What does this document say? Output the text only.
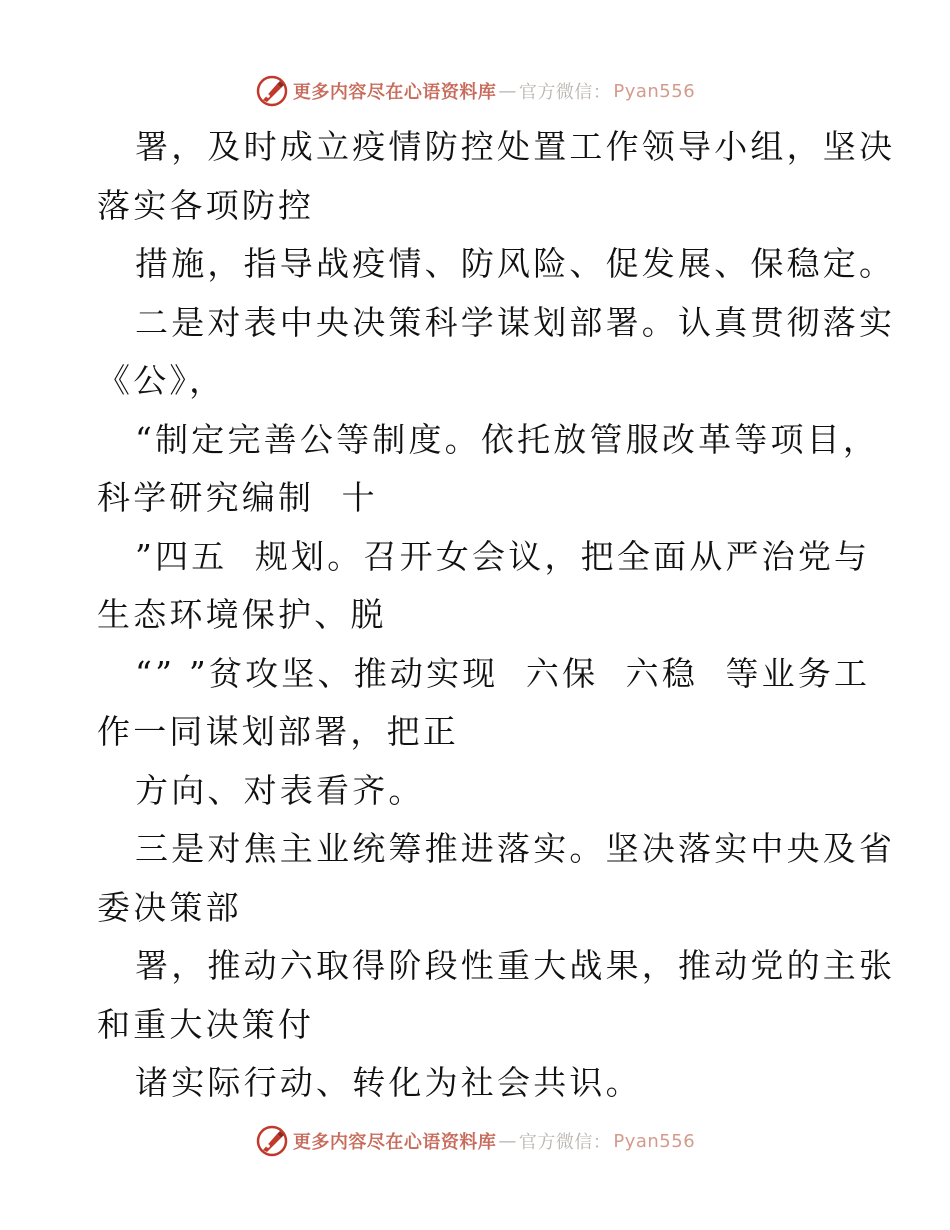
更多内容尽在心语资料库 — 官方微信： Pyan556
署，及时成立疫情防控处置工作领导小组，坚决
落实各项防控
措施，指导战疫情、防风险、促发展、保稳定。
二是对表中央决策科学谋划部署。认真贯彻落实
《公》，
“制定完善公等制度。依托放管服改革等项目，
科学研究编制  十
”四五  规划。召开女会议，把全面从严治党与
生态环境保护、脱
“” ”贫攻坚、推动实现  六保  六稳  等业务工
作一同谋划部署，把正
方向、对表看齐。
三是对焦主业统筹推进落实。坚决落实中央及省
委决策部
署，推动六取得阶段性重大战果，推动党的主张
和重大决策付
诸实际行动、转化为社会共识。
更多内容尽在心语资料库 — 官方微信： Pyan556
